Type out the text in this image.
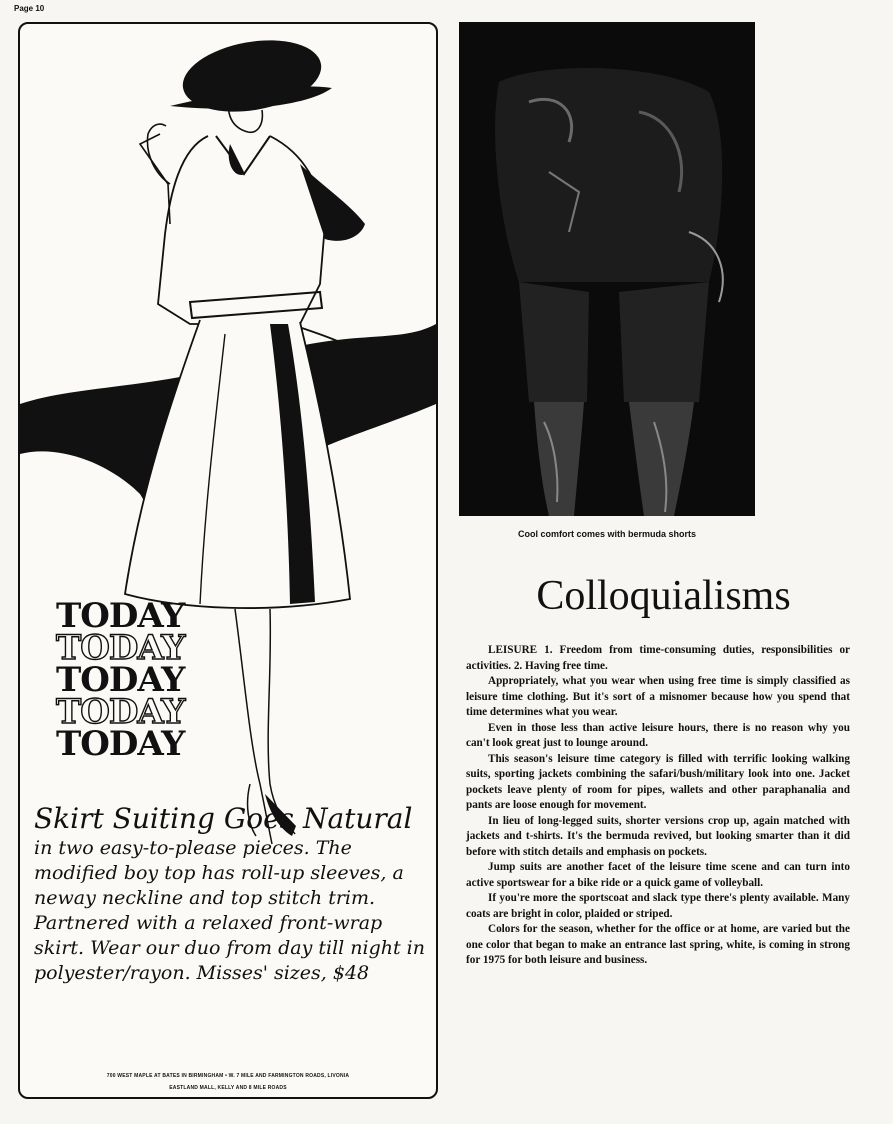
Page 10
TODAY
TODAY
TODAY
TODAY
TODAY
Skirt Suiting Goes Natural
in two easy-to-please pieces. The modified boy top has roll-up sleeves, a neway neckline and top stitch trim. Partnered with a relaxed front-wrap skirt. Wear our duo from day till night in polyester/rayon. Misses' sizes, $48
700 WEST MAPLE AT BATES IN BIRMINGHAM • W. 7 MILE AND FARMINGTON ROADS, LIVONIA
EASTLAND MALL, KELLY AND 8 MILE ROADS
Cool comfort comes with bermuda shorts
Colloquialisms

LEISURE 1. Freedom from time-consuming duties, responsibilities or activities. 2. Having free time.

Appropriately, what you wear when using free time is simply classified as leisure time clothing. But it's sort of a misnomer because how you spend that time determines what you wear.

Even in those less than active leisure hours, there is no reason why you can't look great just to lounge around.

This season's leisure time category is filled with terrific looking walking suits, sporting jackets combining the safari/bush/military look into one. Jacket pockets leave plenty of room for pipes, wallets and other paraphanalia and pants are loose enough for movement.

In lieu of long-legged suits, shorter versions crop up, again matched with jackets and t-shirts. It's the bermuda revived, but looking smarter than it did before with stitch details and emphasis on pockets.

Jump suits are another facet of the leisure time scene and can turn into active sportswear for a bike ride or a quick game of volleyball.

If you're more the sportscoat and slack type there's plenty available. Many coats are bright in color, plaided or striped.

Colors for the season, whether for the office or at home, are varied but the one color that began to make an entrance last spring, white, is coming in strong for 1975 for both leisure and business.
